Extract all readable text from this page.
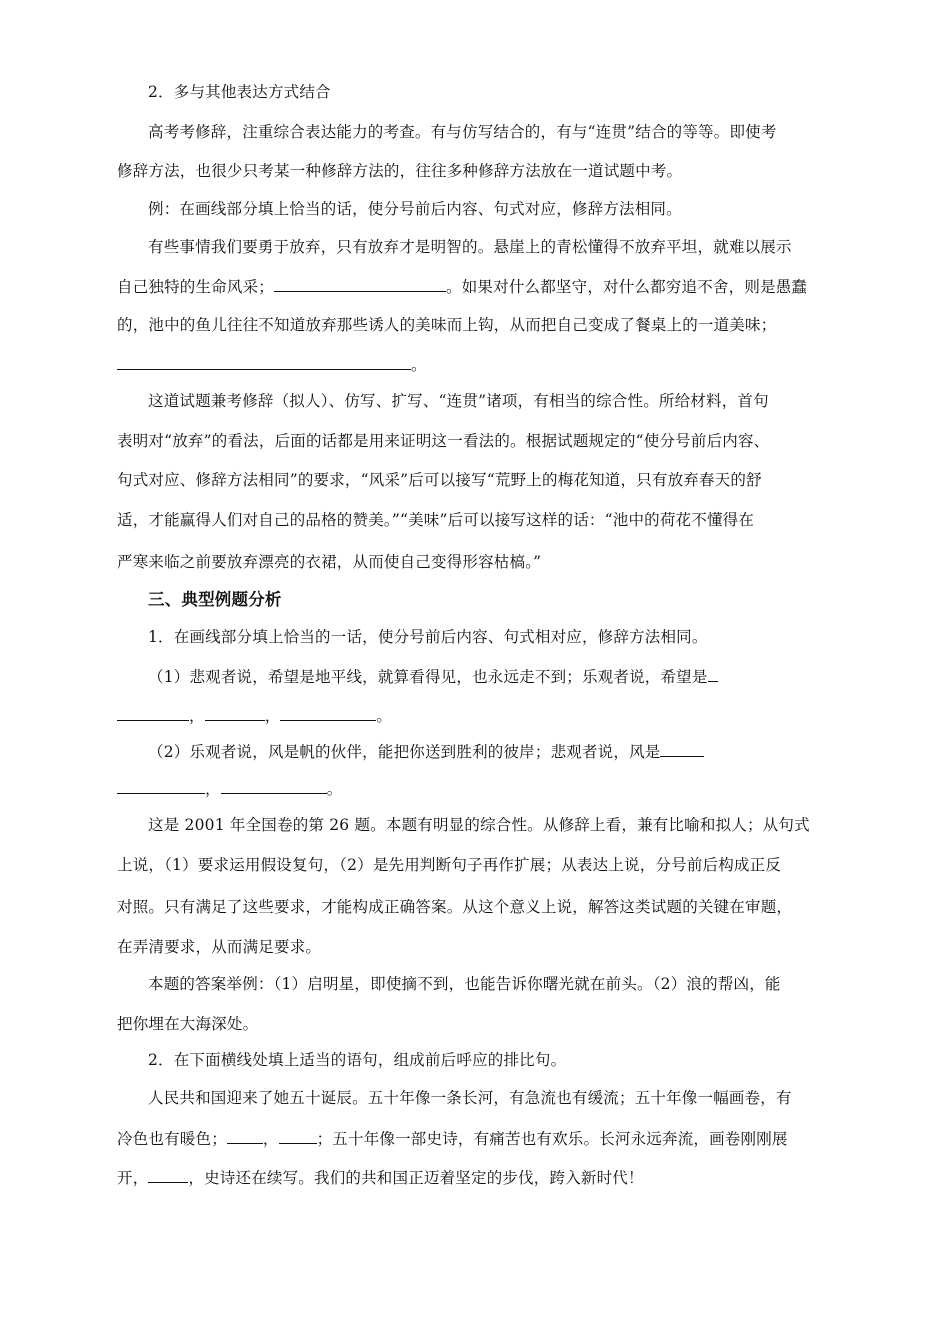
2．多与其他表达方式结合
高考考修辞，注重综合表达能力的考查。有与仿写结合的，有与“连贯”结合的等等。即使考
修辞方法，也很少只考某一种修辞方法的，往往多种修辞方法放在一道试题中考。
例：在画线部分填上恰当的话，使分号前后内容、句式对应，修辞方法相同。
有些事情我们要勇于放弃，只有放弃才是明智的。悬崖上的青松懂得不放弃平坦，就难以展示
自己独特的生命风采；	。如果对什么都坚守，对什么都穷追不舍，则是愚蠢
的，池中的鱼儿往往不知道放弃那些诱人的美味而上钩，从而把自己变成了餐桌上的一道美味；
。
这道试题兼考修辞（拟人）、仿写、扩写、“连贯”诸项，有相当的综合性。所给材料，首句
表明对“放弃”的看法，后面的话都是用来证明这一看法的。根据试题规定的“使分号前后内容、
句式对应、修辞方法相同”的要求，“风采”后可以接写“荒野上的梅花知道，只有放弃春天的舒
适，才能赢得人们对自己的品格的赞美。”“美味”后可以接写这样的话：“池中的荷花不懂得在
严寒来临之前要放弃漂亮的衣裙，从而使自己变得形容枯槁。”
三、典型例题分析
1．在画线部分填上恰当的一话，使分号前后内容、句式相对应，修辞方法相同。
（1）悲观者说，希望是地平线，就算看得见，也永远走不到；乐观者说，希望是
，	，	。
（2）乐观者说，风是帆的伙伴，能把你送到胜利的彼岸；悲观者说，风是
，	。
这是 2001 年全国卷的第 26 题。本题有明显的综合性。从修辞上看，兼有比喻和拟人；从句式
上说，（1）要求运用假设复句，（2）是先用判断句子再作扩展；从表达上说，分号前后构成正反
对照。只有满足了这些要求，才能构成正确答案。从这个意义上说，解答这类试题的关键在审题，
在弄清要求，从而满足要求。
本题的答案举例：（1）启明星，即使摘不到，也能告诉你曙光就在前头。（2）浪的帮凶，能
把你埋在大海深处。
2．在下面横线处填上适当的语句，组成前后呼应的排比句。
人民共和国迎来了她五十诞辰。五十年像一条长河，有急流也有缓流；五十年像一幅画卷，有
冷色也有暖色； ， ；五十年像一部史诗，有痛苦也有欢乐。长河永远奔流，画卷刚刚展
开，	，史诗还在续写。我们的共和国正迈着坚定的步伐，跨入新时代！
